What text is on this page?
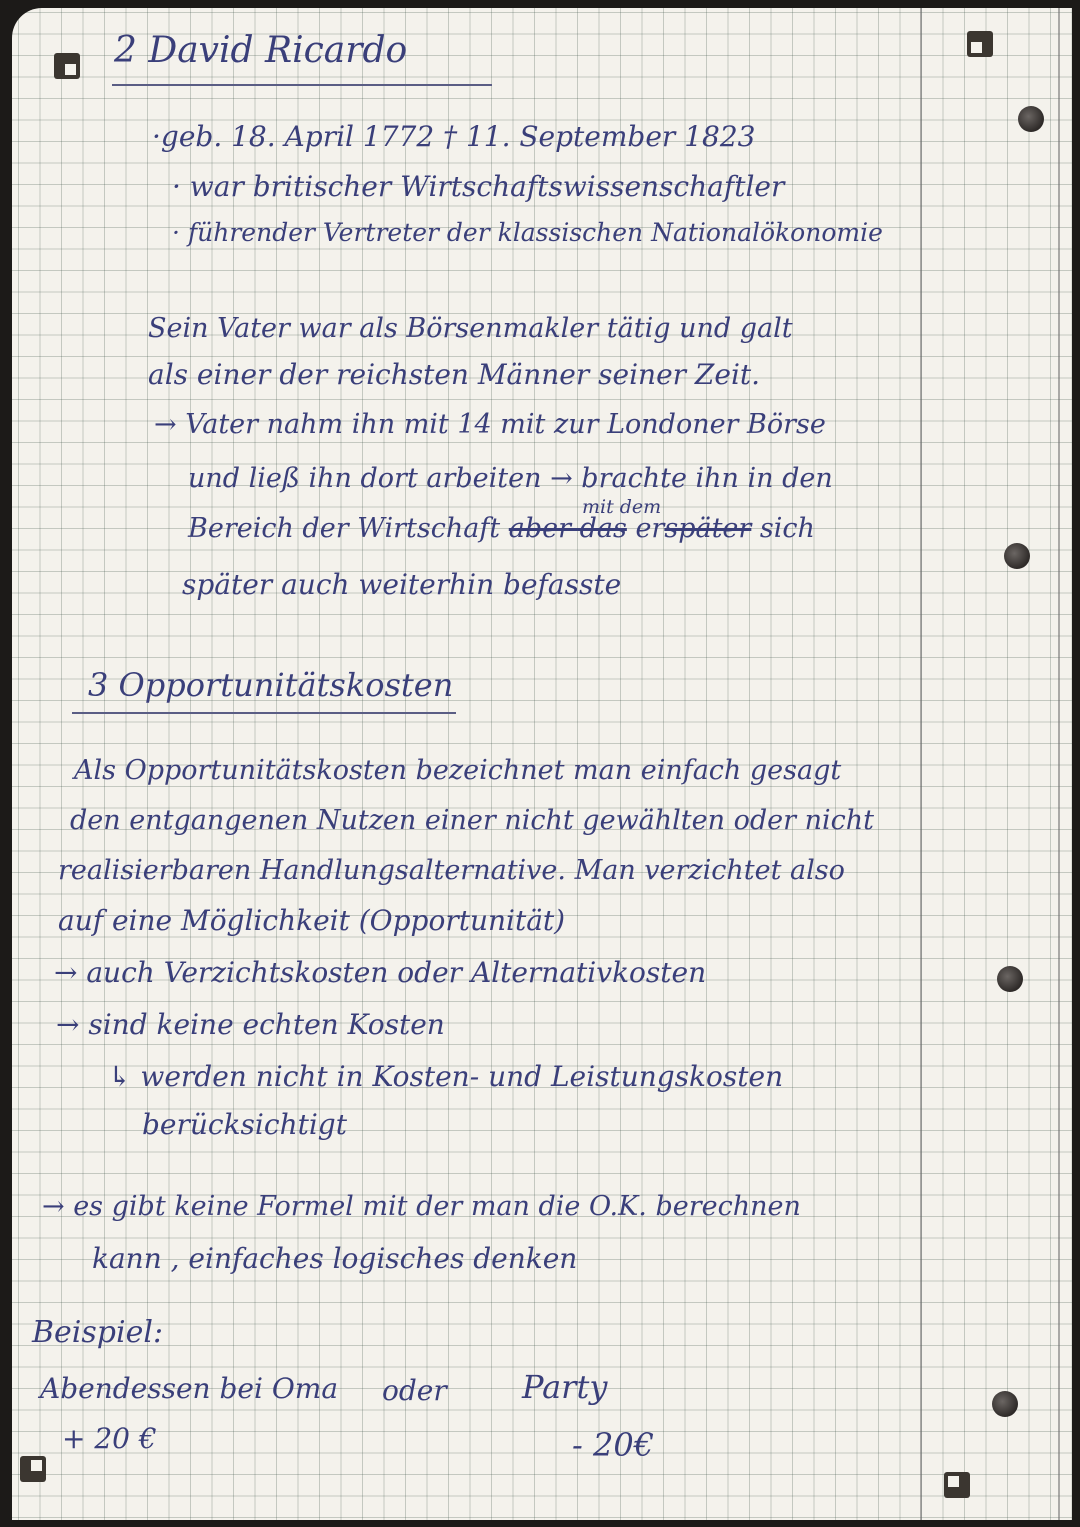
2 David Ricardo
·geb. 18. April 1772 † 11. September 1823
· war britischer Wirtschaftswissenschaftler
· führender Vertreter der klassischen Nationalökonomie
Sein Vater war als Börsenmakler tätig und galt
als einer der reichsten Männer seiner Zeit.
→ Vater nahm ihn mit 14 mit zur Londoner Börse
und ließ ihn dort arbeiten → brachte ihn in den
mit dem
Bereich der Wirtschaft aber das erspäter sich
später auch weiterhin befasste
3 Opportunitätskosten
Als Opportunitätskosten bezeichnet man einfach gesagt
den entgangenen Nutzen einer nicht gewählten oder nicht
realisierbaren Handlungsalternative. Man verzichtet also
auf eine Möglichkeit (Opportunität)
→ auch Verzichtskosten oder Alternativkosten
→ sind keine echten Kosten
↳ werden nicht in Kosten- und Leistungskosten
berücksichtigt
→ es gibt keine Formel mit der man die O.K. berechnen
kann , einfaches logisches denken
Beispiel:
Abendessen bei Oma oder Party
+ 20 €	- 20€
